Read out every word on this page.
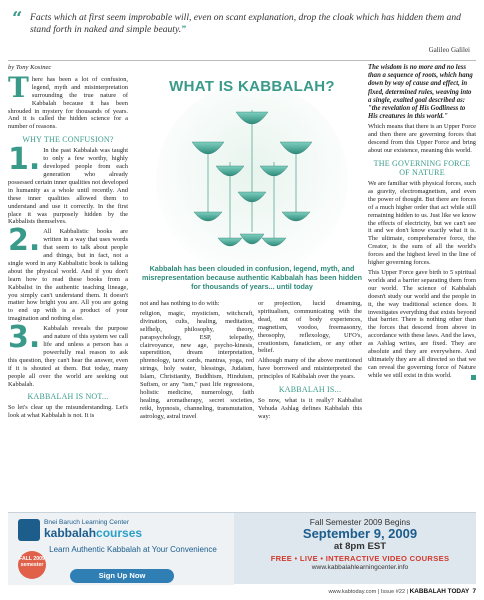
“ Facts which at first seem improbable will, even on scant explanation, drop the cloak which has hidden them and stand forth in naked and simple beauty.”
Galileo Galilei
by Tony Kosinec

There has been a lot of confusion, legend, myth and misinterpretation surrounding the true nature of Kabbalah because it has been shrouded in mystery for thousands of years. And it is called the hidden science for a number of reasons.

WHY THE CONFUSION?

1. In the past Kabbalah was taught to only a few worthy, highly developed people from each generation who already possessed certain inner qualities not developed in humanity as a whole until recently. And these inner qualities allowed them to understand and use it correctly. In the first place it was purposely hidden by the Kabbalists themselves.

2. All Kabbalistic books are written in a way that uses words that seem to talk about people and things, but in fact, not a single word in any Kabbalistic book is talking about the physical world. And if you don't learn how to read these books from a Kabbalist in the authentic teaching lineage, you simply can't understand them. It doesn't matter how bright you are. All you are going to end up with is a product of your imagination and nothing else.

3. Kabbalah reveals the purpose and nature of this system we call life and unless a person has a powerfully real reason to ask this question, they can't hear the answer, even if it is shouted at them. But today, many people all over the world are seeking out Kabbalah.

KABBALAH IS NOT...

So let's clear up the misunderstanding. Let's look at what Kabbalah is not. It is

WHAT IS KABBALAH?
Kabbalah has been clouded in confusion, legend, myth, and misrepresentation because authentic Kabbalah has been hidden for thousands of years... until today

not and has nothing to do with:

religion, magic, mysticism, witchcraft, divination, cults, healing, meditation, selfhelp, philosophy, theory, parapsychology, ESP, telepathy, clairvoyance, new age, psycho-kinesis, superstition, dream interpretation, phrenology, tarot cards, mantras, yoga, red strings, holy water, blessings, Judaism, Islam, Christianity, Buddhism, Hinduism, Sufism, or any "ism," past life regressions, holistic medicine, numerology, faith healing, aromatherapy, secret societies, reiki, hypnosis, channeling, transmutation, astrology, astral travel

or projection, lucid dreaming, spiritualism, communicating with the dead, out of body experiences, magnetism, voodoo, freemasonry, theosophy, reflexology, UFO's, creationism, fanaticism, or any other belief.

Although many of the above mentioned have borrowed and misinterpreted the principles of Kabbalah over the years.

KABBALAH IS...

So now, what is it really? Kabbalist Yehuda Ashlag defines Kabbalah this way:

The wisdom is no more and no less than a sequence of roots, which hang down by way of cause and effect, in fixed, determined rules, weaving into a single, exalted goal described as: "the revelation of His Godliness to His creatures in this world."

Which means that there is an Upper Force and then there are governing forces that descend from this Upper Force and bring about our existence, meaning this world.

THE GOVERNING FORCE OF NATURE

We are familiar with physical forces, such as gravity, electromagnetism, and even the power of thought. But there are forces of a much higher order that act while still remaining hidden to us. Just like we know the effects of electricity, but we can't see it and we don't know exactly what it is. The ultimate, comprehensive force, the Creator, is the sum of all the world's forces and the highest level in the line of higher governing forces.

This Upper Force gave birth to 5 spiritual worlds and a barrier separating them from our world. The science of Kabbalah doesn't study our world and the people in it, the way traditional science does. It investigates everything that exists beyond that barrier. There is nothing other than the forces that descend from above in accordance with these laws. And the laws, as Ashlag writes, are fixed. They are absolute and they are everywhere. And ultimately they are all directed so that we can reveal the governing force of Nature while we still exist in this world.

Bnei Baruch Learning Center
kabbalahcourses
FALL 2009 semester
Learn Authentic Kabbalah at Your Convenience
Sign Up Now
Fall Semester 2009 Begins
September 9, 2009
at 8pm EST
FREE • LIVE • INTERACTIVE VIDEO COURSES
www.kabbalahlearningcenter.info
www.kabtoday.com | Issue #22 | KABBALAH TODAY 7
